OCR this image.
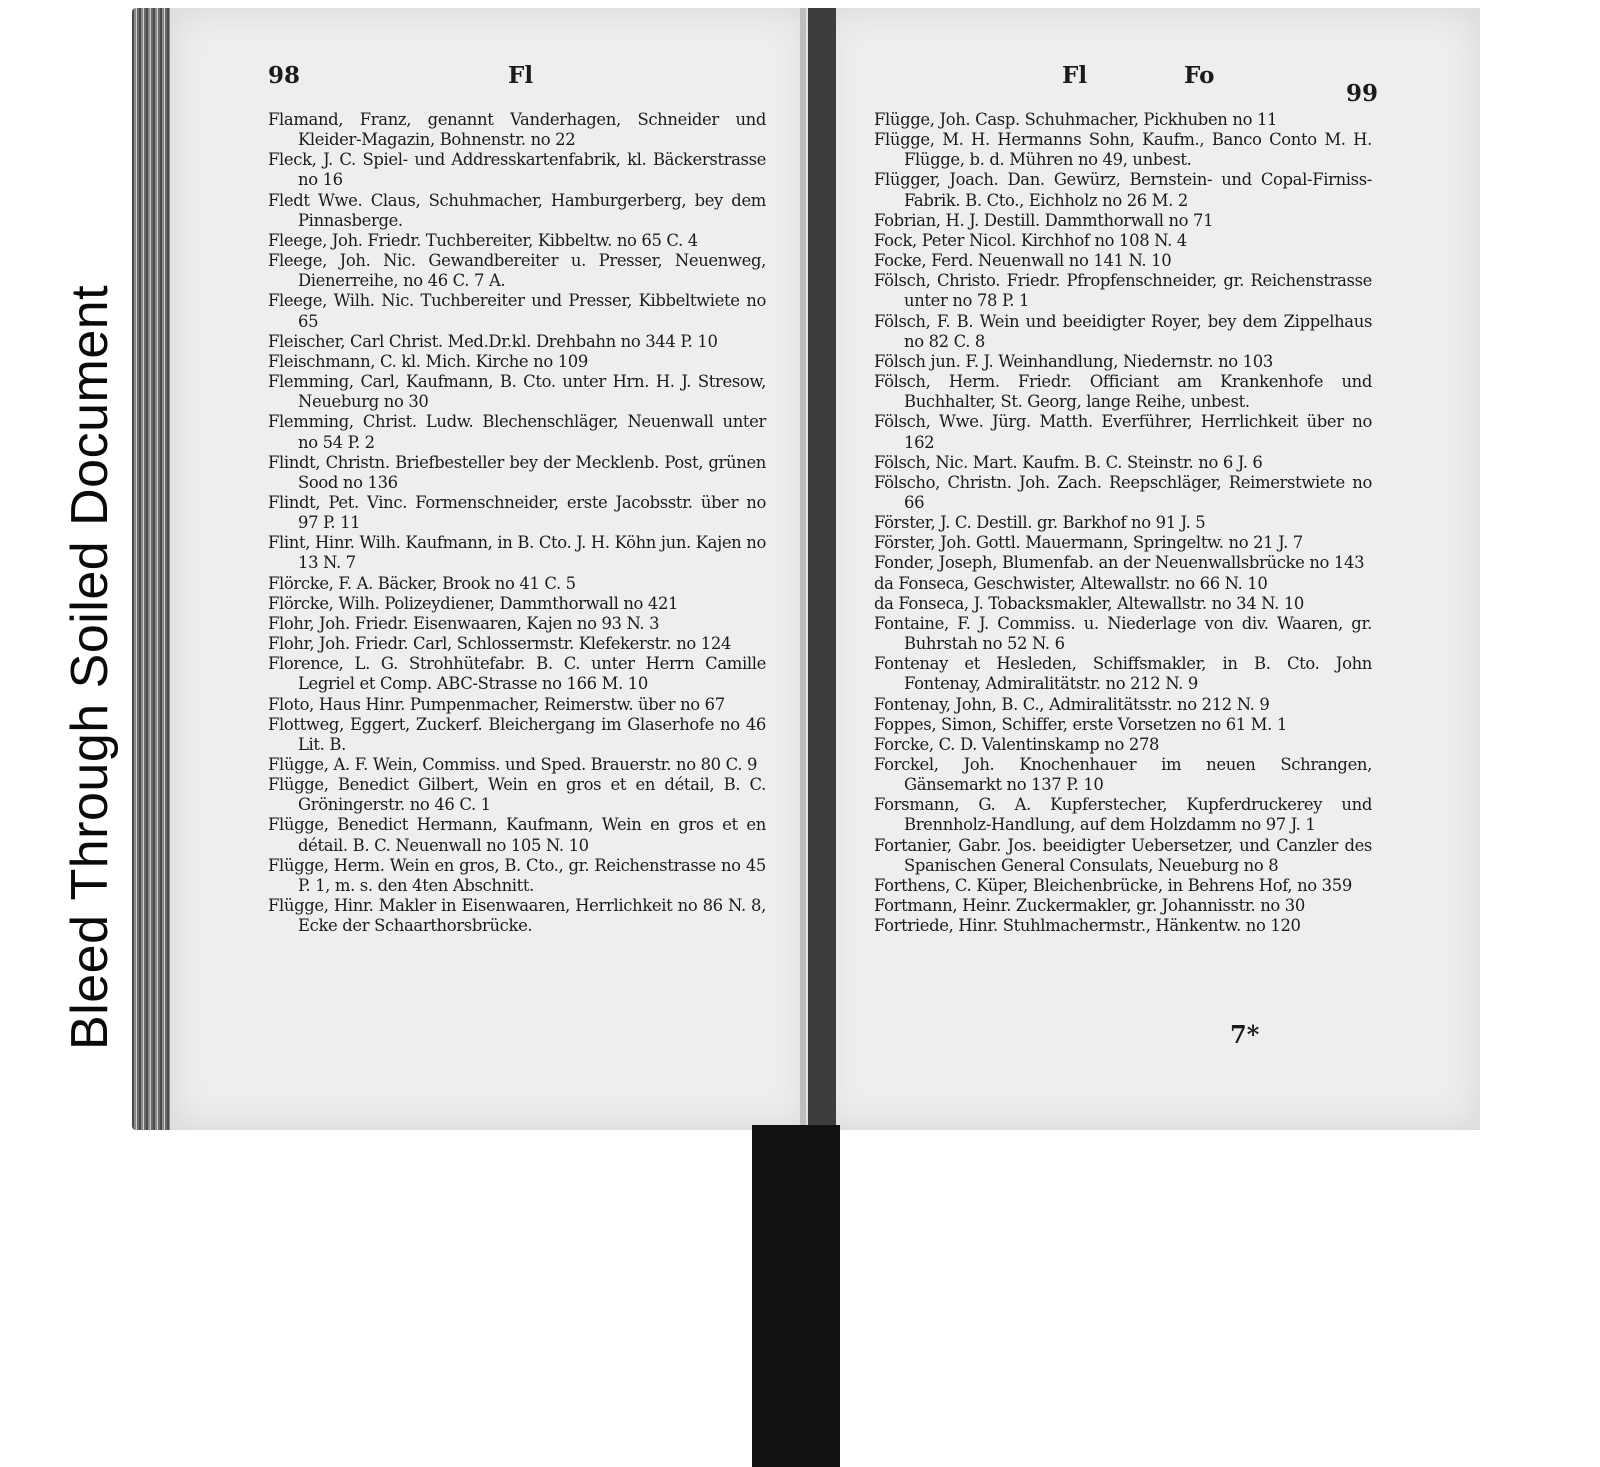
Bleed Through Soiled Document
98	Fl	Fl	Fo
99
Flamand, Franz, genannt Vanderhagen, Schneider und Kleider-Magazin, Bohnenstr. no 22
Fleck, J. C. Spiel- und Addresskartenfabrik, kl. Bäckerstrasse no 16
Fledt Wwe. Claus, Schuhmacher, Hamburgerberg, bey dem Pinnasberge.
Fleege, Joh. Friedr. Tuchbereiter, Kibbeltw. no 65 C. 4
Fleege, Joh. Nic. Gewandbereiter u. Presser, Neuenweg, Dienerreihe, no 46 C. 7 A.
Fleege, Wilh. Nic. Tuchbereiter und Presser, Kibbeltwiete no 65
Fleischer, Carl Christ. Med.Dr.kl. Drehbahn no 344 P. 10
Fleischmann, C. kl. Mich. Kirche no 109
Flemming, Carl, Kaufmann, B. Cto. unter Hrn. H. J. Stresow, Neueburg no 30
Flemming, Christ. Ludw. Blechenschläger, Neuenwall unter no 54 P. 2
Flindt, Christn. Briefbesteller bey der Mecklenb. Post, grünen Sood no 136
Flindt, Pet. Vinc. Formenschneider, erste Jacobsstr. über no 97 P. 11
Flint, Hinr. Wilh. Kaufmann, in B. Cto. J. H. Köhn jun. Kajen no 13 N. 7
Flörcke, F. A. Bäcker, Brook no 41 C. 5
Flörcke, Wilh. Polizeydiener, Dammthorwall no 421
Flohr, Joh. Friedr. Eisenwaaren, Kajen no 93 N. 3
Flohr, Joh. Friedr. Carl, Schlossermstr. Klefekerstr. no 124
Florence, L. G. Strohhütefabr. B. C. unter Herrn Camille Legriel et Comp. ABC-Strasse no 166 M. 10
Floto, Haus Hinr. Pumpenmacher, Reimerstw. über no 67
Flottweg, Eggert, Zuckerf. Bleichergang im Glaserhofe no 46 Lit. B.
Flügge, A. F. Wein, Commiss. und Sped. Brauerstr. no 80 C. 9
Flügge, Benedict Gilbert, Wein en gros et en détail, B. C. Gröningerstr. no 46 C. 1
Flügge, Benedict Hermann, Kaufmann, Wein en gros et en détail. B. C. Neuenwall no 105 N. 10
Flügge, Herm. Wein en gros, B. Cto., gr. Reichenstrasse no 45 P. 1, m. s. den 4ten Abschnitt.
Flügge, Hinr. Makler in Eisenwaaren, Herrlichkeit no 86 N. 8, Ecke der Schaarthorsbrücke.
Flügge, Joh. Casp. Schuhmacher, Pickhuben no 11
Flügge, M. H. Hermanns Sohn, Kaufm., Banco Conto M. H. Flügge, b. d. Mühren no 49, unbest.
Flügger, Joach. Dan. Gewürz, Bernstein- und Copal-Firniss-Fabrik. B. Cto., Eichholz no 26 M. 2
Fobrian, H. J. Destill. Dammthorwall no 71
Fock, Peter Nicol. Kirchhof no 108 N. 4
Focke, Ferd. Neuenwall no 141 N. 10
Fölsch, Christo. Friedr. Pfropfenschneider, gr. Reichenstrasse unter no 78 P. 1
Fölsch, F. B. Wein und beeidigter Royer, bey dem Zippelhaus no 82 C. 8
Fölsch jun. F. J. Weinhandlung, Niedernstr. no 103
Fölsch, Herm. Friedr. Officiant am Krankenhofe und Buchhalter, St. Georg, lange Reihe, unbest.
Fölsch, Wwe. Jürg. Matth. Everführer, Herrlichkeit über no 162
Fölsch, Nic. Mart. Kaufm. B. C. Steinstr. no 6 J. 6
Fölscho, Christn. Joh. Zach. Reepschläger, Reimerstwiete no 66
Förster, J. C. Destill. gr. Barkhof no 91 J. 5
Förster, Joh. Gottl. Mauermann, Springeltw. no 21 J. 7
Fonder, Joseph, Blumenfab. an der Neuenwallsbrücke no 143
da Fonseca, Geschwister, Altewallstr. no 66 N. 10
da Fonseca, J. Tobacksmakler, Altewallstr. no 34 N. 10
Fontaine, F. J. Commiss. u. Niederlage von div. Waaren, gr. Buhrstah no 52 N. 6
Fontenay et Hesleden, Schiffsmakler, in B. Cto. John Fontenay, Admiralitätstr. no 212 N. 9
Fontenay, John, B. C., Admiralitätsstr. no 212 N. 9
Foppes, Simon, Schiffer, erste Vorsetzen no 61 M. 1
Forcke, C. D. Valentinskamp no 278
Forckel, Joh. Knochenhauer im neuen Schrangen, Gänsemarkt no 137 P. 10
Forsmann, G. A. Kupferstecher, Kupferdruckerey und Brennholz-Handlung, auf dem Holzdamm no 97 J. 1
Fortanier, Gabr. Jos. beeidigter Uebersetzer, und Canzler des Spanischen General Consulats, Neueburg no 8
Forthens, C. Küper, Bleichenbrücke, in Behrens Hof, no 359
Fortmann, Heinr. Zuckermakler, gr. Johannisstr. no 30
Fortriede, Hinr. Stuhlmachermstr., Hänkentw. no 120
7*
